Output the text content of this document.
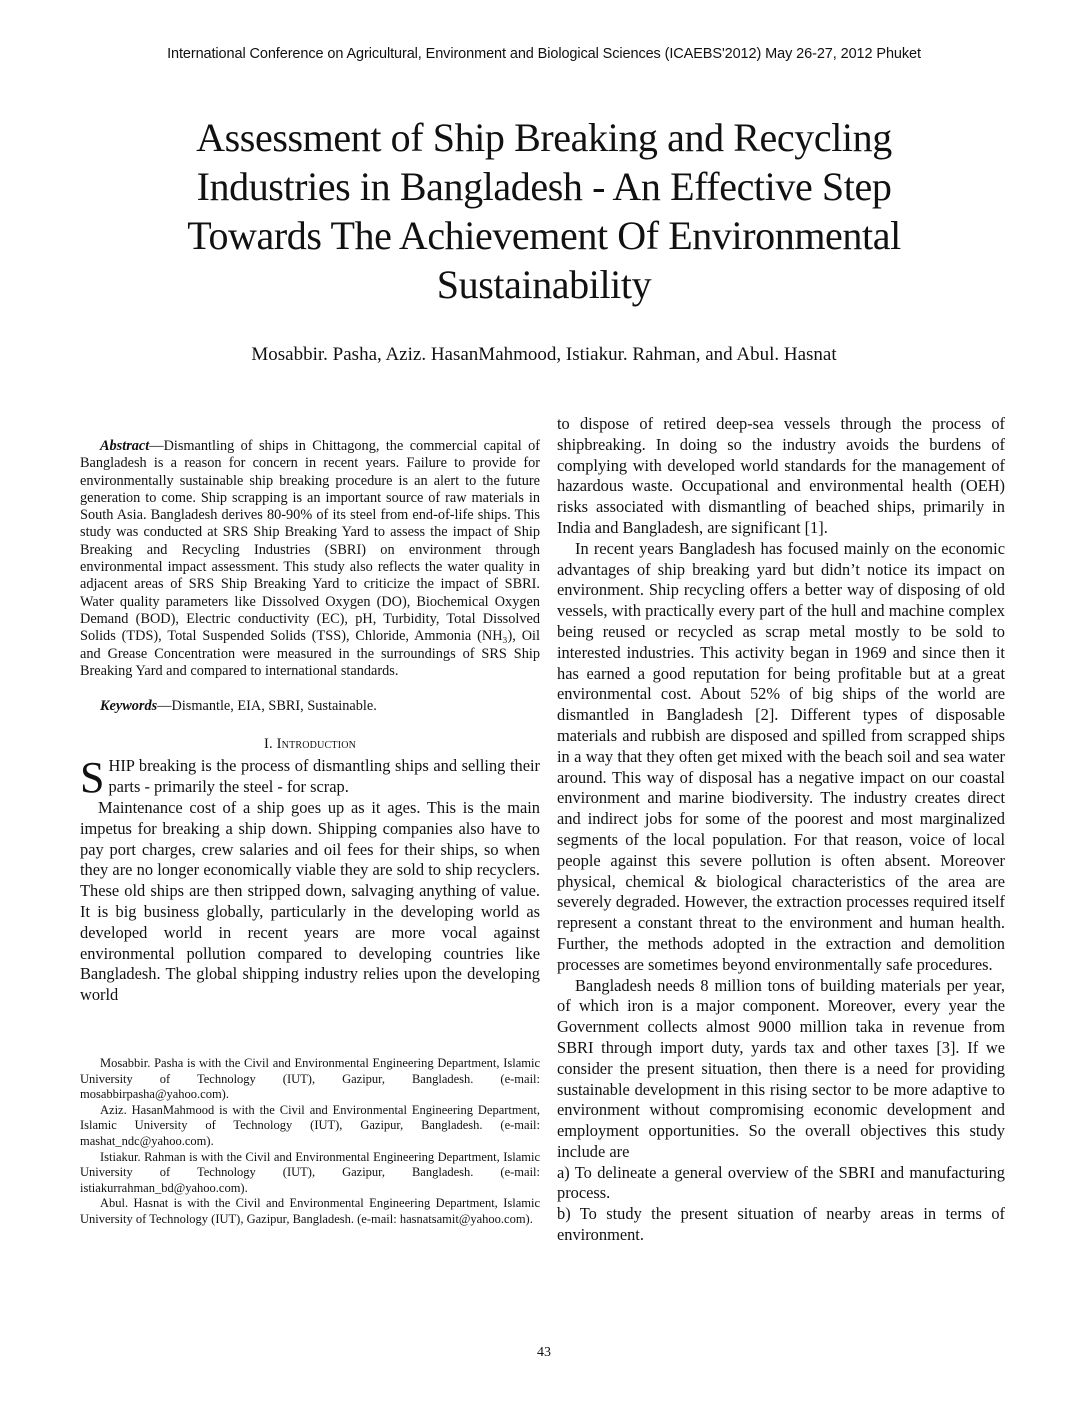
International Conference on Agricultural, Environment and Biological Sciences (ICAEBS'2012) May 26-27, 2012 Phuket
Assessment of Ship Breaking and Recycling
Industries in Bangladesh - An Effective Step
Towards The Achievement Of Environmental
Sustainability
Mosabbir. Pasha, Aziz. HasanMahmood, Istiakur. Rahman, and Abul. Hasnat

Abstract—Dismantling of ships in Chittagong, the commercial capital of Bangladesh is a reason for concern in recent years. Failure to provide for environmentally sustainable ship breaking procedure is an alert to the future generation to come. Ship scrapping is an important source of raw materials in South Asia. Bangladesh derives 80-90% of its steel from end-of-life ships. This study was conducted at SRS Ship Breaking Yard to assess the impact of Ship Breaking and Recycling Industries (SBRI) on environment through environmental impact assessment. This study also reflects the water quality in adjacent areas of SRS Ship Breaking Yard to criticize the impact of SBRI. Water quality parameters like Dissolved Oxygen (DO), Biochemical Oxygen Demand (BOD), Electric conductivity (EC), pH, Turbidity, Total Dissolved Solids (TDS), Total Suspended Solids (TSS), Chloride, Ammonia (NH₃), Oil and Grease Concentration were measured in the surroundings of SRS Ship Breaking Yard and compared to international standards.

Keywords—Dismantle, EIA, SBRI, Sustainable.

I. Introduction

SHIP breaking is the process of dismantling ships and selling their parts - primarily the steel - for scrap.

Maintenance cost of a ship goes up as it ages. This is the main impetus for breaking a ship down. Shipping companies also have to pay port charges, crew salaries and oil fees for their ships, so when they are no longer economically viable they are sold to ship recyclers. These old ships are then stripped down, salvaging anything of value. It is big business globally, particularly in the developing world as developed world in recent years are more vocal against environmental pollution compared to developing countries like Bangladesh. The global shipping industry relies upon the developing world

Mosabbir. Pasha is with the Civil and Environmental Engineering Department, Islamic University of Technology (IUT), Gazipur, Bangladesh. (e-mail: mosabbirpasha@yahoo.com).

Aziz. HasanMahmood is with the Civil and Environmental Engineering Department, Islamic University of Technology (IUT), Gazipur, Bangladesh. (e-mail: mashat_ndc@yahoo.com).

Istiakur. Rahman is with the Civil and Environmental Engineering Department, Islamic University of Technology (IUT), Gazipur, Bangladesh. (e-mail: istiakurrahman_bd@yahoo.com).

Abul. Hasnat is with the Civil and Environmental Engineering Department, Islamic University of Technology (IUT), Gazipur, Bangladesh. (e-mail: hasnatsamit@yahoo.com).

to dispose of retired deep-sea vessels through the process of shipbreaking. In doing so the industry avoids the burdens of complying with developed world standards for the management of hazardous waste. Occupational and environmental health (OEH) risks associated with dismantling of beached ships, primarily in India and Bangladesh, are significant [1].

In recent years Bangladesh has focused mainly on the economic advantages of ship breaking yard but didn’t notice its impact on environment. Ship recycling offers a better way of disposing of old vessels, with practically every part of the hull and machine complex being reused or recycled as scrap metal mostly to be sold to interested industries. This activity began in 1969 and since then it has earned a good reputation for being profitable but at a great environmental cost. About 52% of big ships of the world are dismantled in Bangladesh [2]. Different types of disposable materials and rubbish are disposed and spilled from scrapped ships in a way that they often get mixed with the beach soil and sea water around. This way of disposal has a negative impact on our coastal environment and marine biodiversity. The industry creates direct and indirect jobs for some of the poorest and most marginalized segments of the local population. For that reason, voice of local people against this severe pollution is often absent. Moreover physical, chemical & biological characteristics of the area are severely degraded. However, the extraction processes required itself represent a constant threat to the environment and human health. Further, the methods adopted in the extraction and demolition processes are sometimes beyond environmentally safe procedures.

Bangladesh needs 8 million tons of building materials per year, of which iron is a major component. Moreover, every year the Government collects almost 9000 million taka in revenue from SBRI through import duty, yards tax and other taxes [3]. If we consider the present situation, then there is a need for providing sustainable development in this rising sector to be more adaptive to environment without compromising economic development and employment opportunities. So the overall objectives this study include are

a) To delineate a general overview of the SBRI and manufacturing process.

b) To study the present situation of nearby areas in terms of environment.

43
